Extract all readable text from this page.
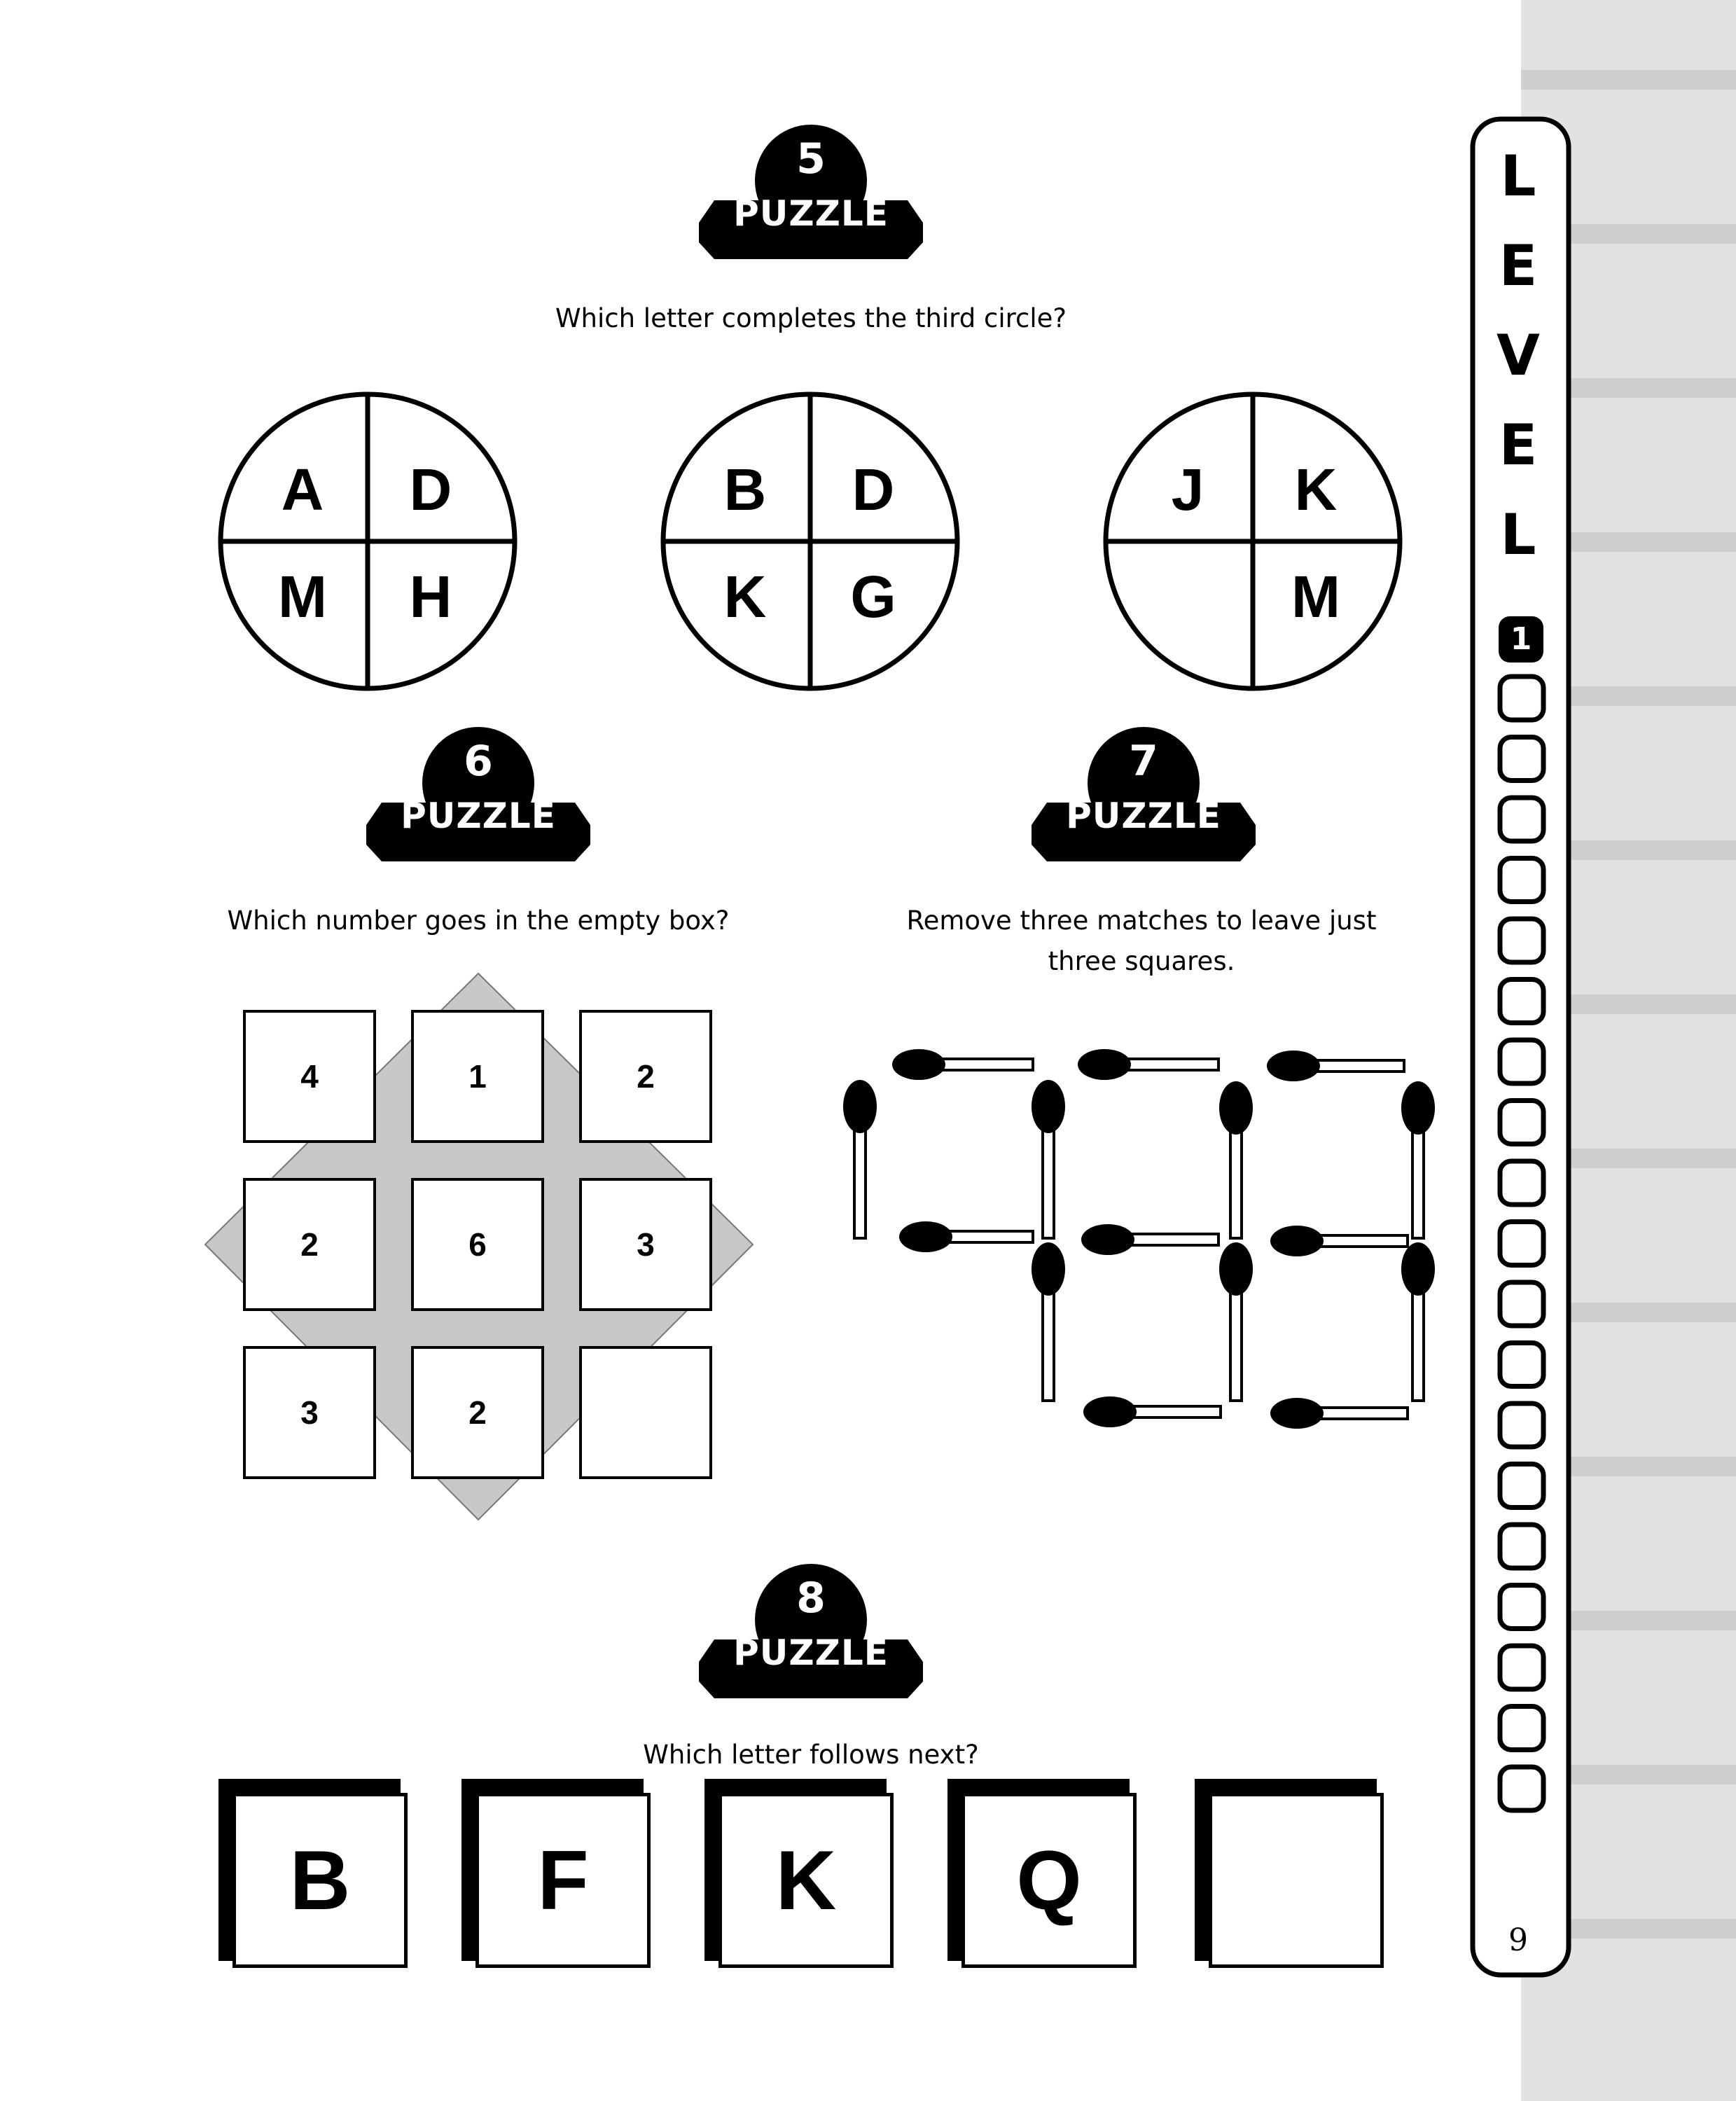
5
PUZZLE
Which letter completes the third circle?
A	D
M	H
B	D
K	G
J	K
M
6
PUZZLE
Which number goes in the empty box?
4	1	2
2	6	3
3	2
7
PUZZLE
Remove three matches to leave just
three squares.
8
PUZZLE
Which letter follows next?
B	F	K	Q
L
E
V
E
L
1
9
